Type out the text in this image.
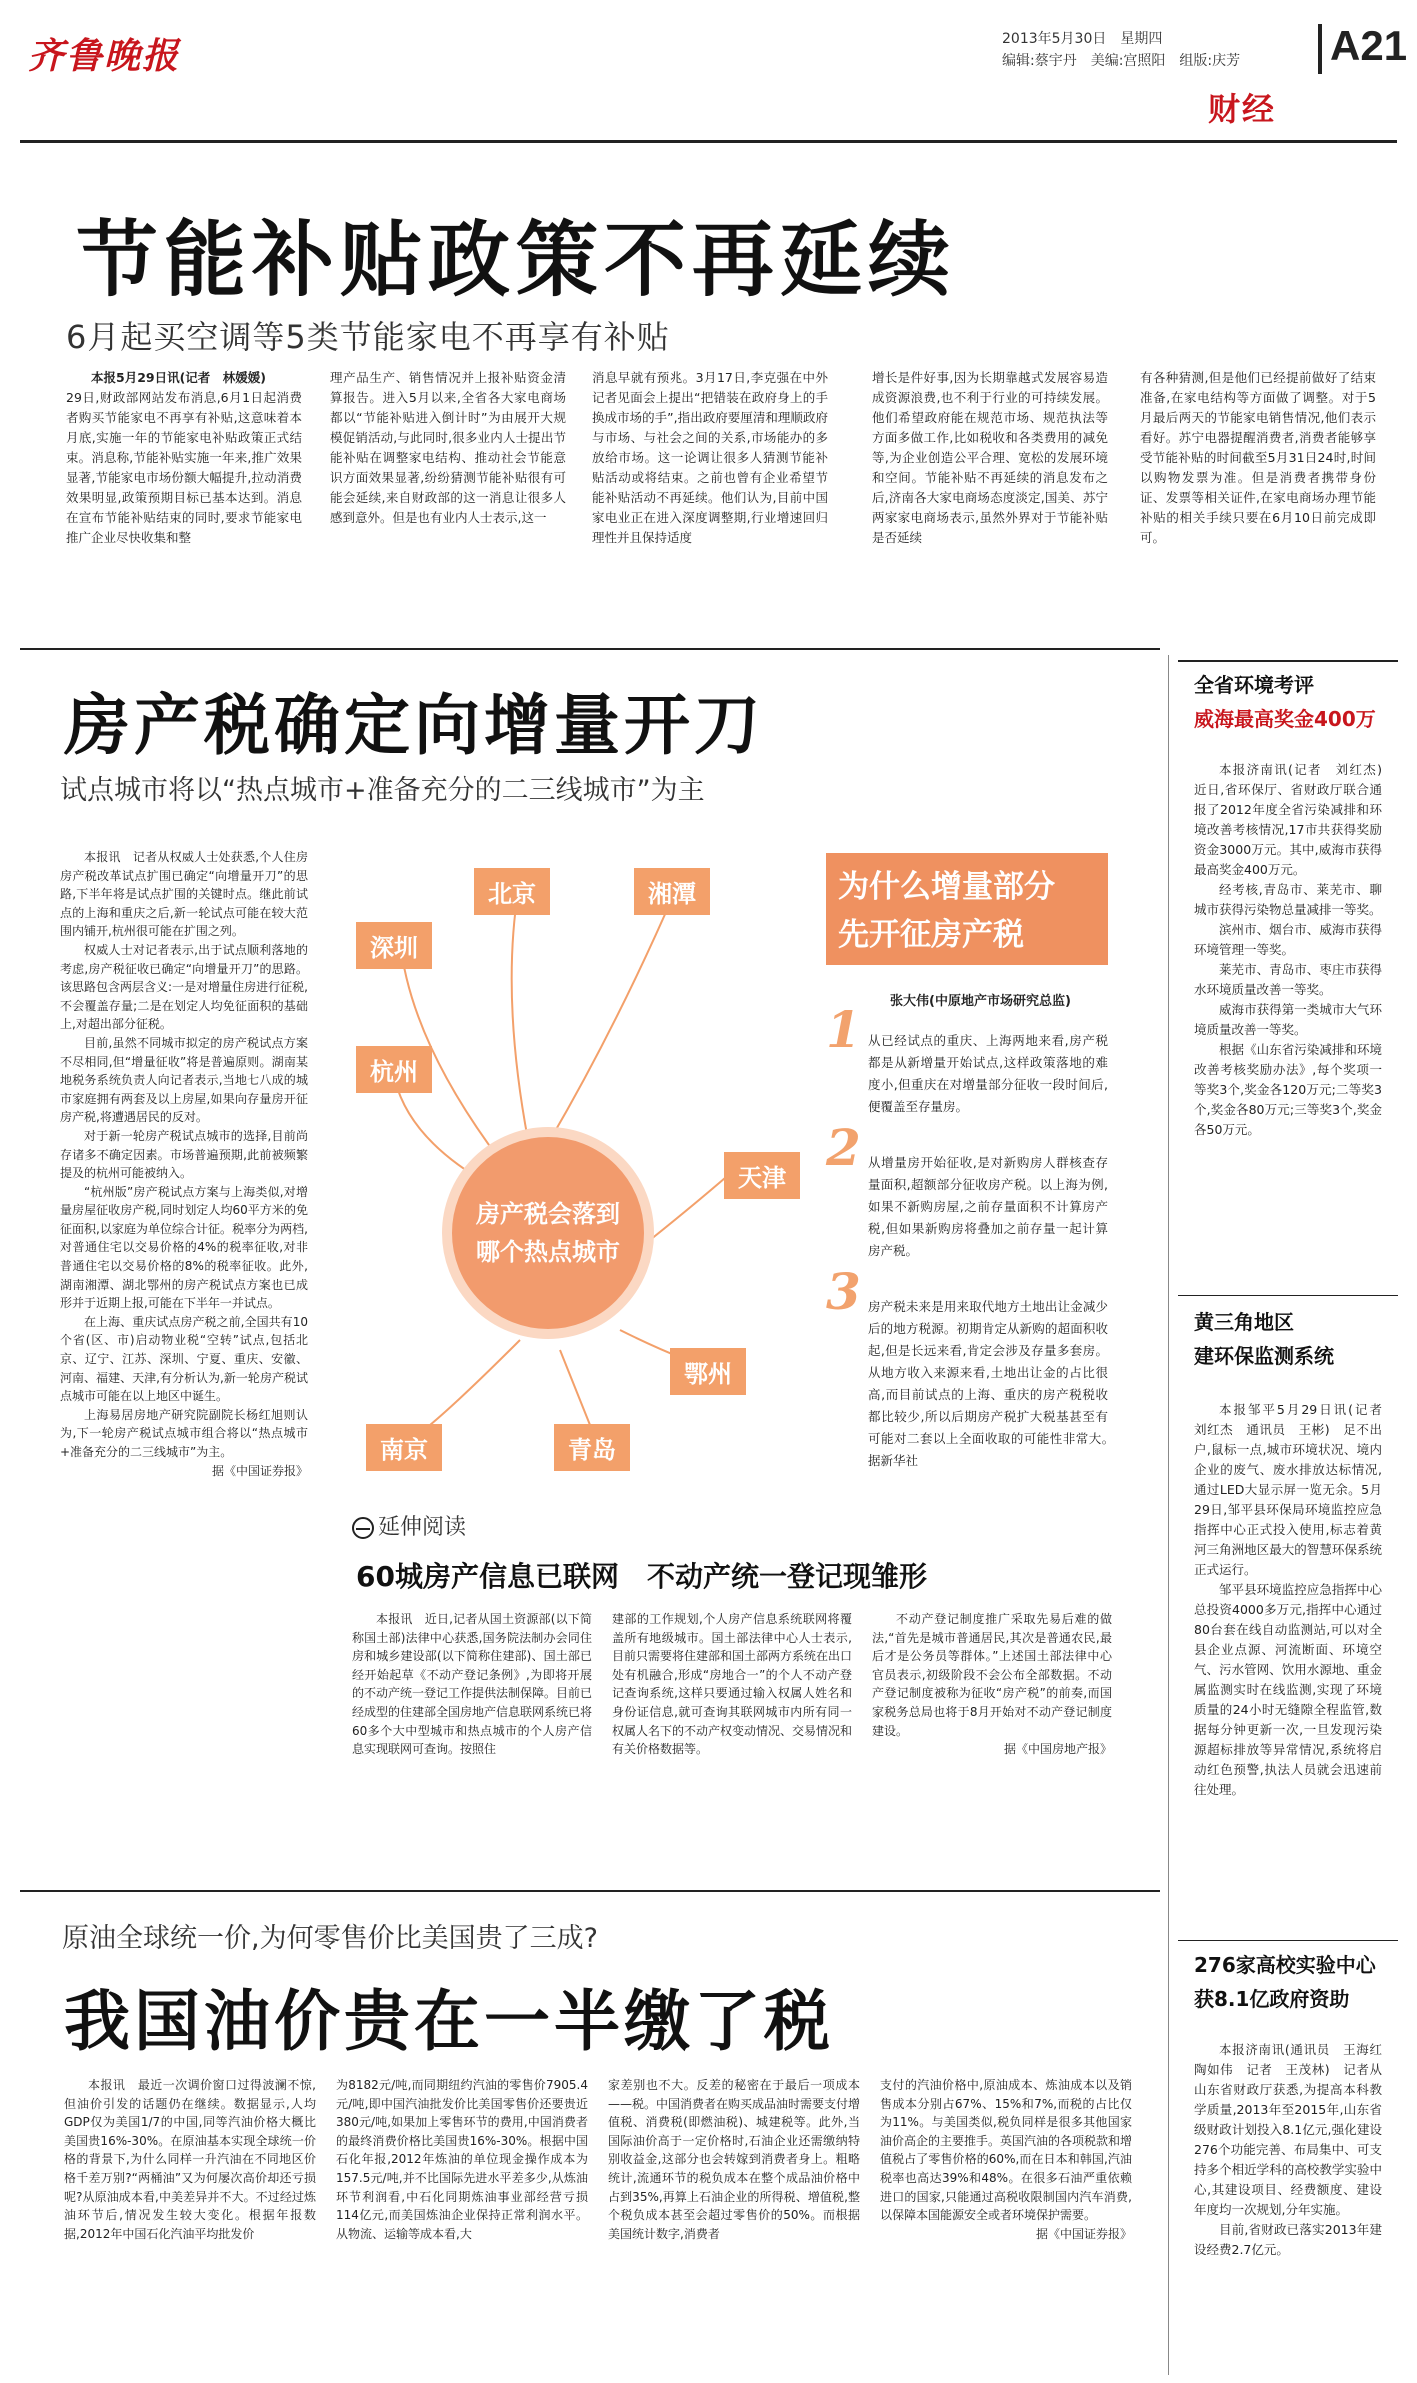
齐鲁晚报	2013年5月30日　星期四
编辑:蔡宇丹　美编:宫照阳　组版:庆芳 A21
财经
节能补贴政策不再延续
6月起买空调等5类节能家电不再享有补贴

本报5月29日讯(记者　林媛媛)

29日,财政部网站发布消息,6月1日起消费者购买节能家电不再享有补贴,这意味着本月底,实施一年的节能家电补贴政策正式结束。消息称,节能补贴实施一年来,推广效果显著,节能家电市场份额大幅提升,拉动消费效果明显,政策预期目标已基本达到。消息在宣布节能补贴结束的同时,要求节能家电推广企业尽快收集和整

理产品生产、销售情况并上报补贴资金清算报告。进入5月以来,全省各大家电商场都以“节能补贴进入倒计时”为由展开大规模促销活动,与此同时,很多业内人士提出节能补贴在调整家电结构、推动社会节能意识方面效果显著,纷纷猜测节能补贴很有可能会延续,来自财政部的这一消息让很多人感到意外。但是也有业内人士表示,这一

消息早就有预兆。3月17日,李克强在中外记者见面会上提出“把错装在政府身上的手换成市场的手”,指出政府要厘清和理顺政府与市场、与社会之间的关系,市场能办的多放给市场。这一论调让很多人猜测节能补贴活动或将结束。之前也曾有企业希望节能补贴活动不再延续。他们认为,目前中国家电业正在进入深度调整期,行业增速回归理性并且保持适度

增长是件好事,因为长期靠越式发展容易造成资源浪费,也不利于行业的可持续发展。他们希望政府能在规范市场、规范执法等方面多做工作,比如税收和各类费用的减免等,为企业创造公平合理、宽松的发展环境和空间。节能补贴不再延续的消息发布之后,济南各大家电商场态度淡定,国美、苏宁两家家电商场表示,虽然外界对于节能补贴是否延续

有各种猜测,但是他们已经提前做好了结束准备,在家电结构等方面做了调整。对于5月最后两天的节能家电销售情况,他们表示看好。苏宁电器提醒消费者,消费者能够享受节能补贴的时间截至5月31日24时,时间以购物发票为准。但是消费者携带身份证、发票等相关证件,在家电商场办理节能补贴的相关手续只要在6月10日前完成即可。

全省环境考评
威海最高奖金400万

本报济南讯(记者　刘红杰)　近日,省环保厅、省财政厅联合通报了2012年度全省污染减排和环境改善考核情况,17市共获得奖励资金3000万元。其中,威海市获得最高奖金400万元。

经考核,青岛市、莱芜市、聊城市获得污染物总量减排一等奖。

滨州市、烟台市、威海市获得环境管理一等奖。

莱芜市、青岛市、枣庄市获得水环境质量改善一等奖。

威海市获得第一类城市大气环境质量改善一等奖。

根据《山东省污染减排和环境改善考核奖励办法》,每个奖项一等奖3个,奖金各120万元;二等奖3个,奖金各80万元;三等奖3个,奖金各50万元。

黄三角地区
建环保监测系统

本报邹平5月29日讯(记者　刘红杰　通讯员　王彬)　足不出户,鼠标一点,城市环境状况、境内企业的废气、废水排放达标情况,通过LED大显示屏一览无余。5月29日,邹平县环保局环境监控应急指挥中心正式投入使用,标志着黄河三角洲地区最大的智慧环保系统正式运行。

邹平县环境监控应急指挥中心总投资4000多万元,指挥中心通过80台套在线自动监测站,可以对全县企业点源、河流断面、环境空气、污水管网、饮用水源地、重金属监测实时在线监测,实现了环境质量的24小时无缝隙全程监管,数据每分钟更新一次,一旦发现污染源超标排放等异常情况,系统将启动红色预警,执法人员就会迅速前往处理。

276家高校实验中心
获8.1亿政府资助

本报济南讯(通讯员　王海红　陶如伟　记者　王茂林)　记者从山东省财政厅获悉,为提高本科教学质量,2013年至2015年,山东省级财政计划投入8.1亿元,强化建设276个功能完善、布局集中、可支持多个相近学科的高校教学实验中心,其建设项目、经费额度、建设年度均一次规划,分年实施。

目前,省财政已落实2013年建设经费2.7亿元。

房产税确定向增量开刀
试点城市将以“热点城市+准备充分的二三线城市”为主

本报讯　记者从权威人士处获悉,个人住房房产税改革试点扩围已确定“向增量开刀”的思路,下半年将是试点扩围的关键时点。继此前试点的上海和重庆之后,新一轮试点可能在较大范围内铺开,杭州很可能在扩围之列。

权威人士对记者表示,出于试点顺利落地的考虑,房产税征收已确定“向增量开刀”的思路。该思路包含两层含义:一是对增量住房进行征税,不会覆盖存量;二是在划定人均免征面积的基础上,对超出部分征税。

目前,虽然不同城市拟定的房产税试点方案不尽相同,但“增量征收”将是普遍原则。湖南某地税务系统负责人向记者表示,当地七八成的城市家庭拥有两套及以上房屋,如果向存量房开征房产税,将遭遇居民的反对。

对于新一轮房产税试点城市的选择,目前尚存诸多不确定因素。市场普遍预期,此前被频繁提及的杭州可能被纳入。

“杭州版”房产税试点方案与上海类似,对增量房屋征收房产税,同时划定人均60平方米的免征面积,以家庭为单位综合计征。税率分为两档,对普通住宅以交易价格的4%的税率征收,对非普通住宅以交易价格的8%的税率征收。此外,湖南湘潭、湖北鄂州的房产税试点方案也已成形并于近期上报,可能在下半年一并试点。

在上海、重庆试点房产税之前,全国共有10个省(区、市)启动物业税“空转”试点,包括北京、辽宁、江苏、深圳、宁夏、重庆、安徽、河南、福建、天津,有分析认为,新一轮房产税试点城市可能在以上地区中诞生。

上海易居房地产研究院副院长杨红旭则认为,下一轮房产税试点城市组合将以“热点城市+准备充分的二三线城市”为主。

据《中国证券报》

北京	湘潭
深圳
杭州
天津
鄂州
南京	青岛
房产税会落到
哪个热点城市
为什么增量部分
先开征房产税
张大伟(中原地产市场研究总监)
1 从已经试点的重庆、上海两地来看,房产税都是从新增量开始试点,这样政策落地的难度小,但重庆在对增量部分征收一段时间后,便覆盖至存量房。
2 从增量房开始征收,是对新购房人群核查存量面积,超额部分征收房产税。以上海为例,如果不新购房屋,之前存量面积不计算房产税,但如果新购房将叠加之前存量一起计算房产税。
3 房产税未来是用来取代地方土地出让金减少后的地方税源。初期肯定从新购的超面积收起,但是长远来看,肯定会涉及存量多套房。从地方收入来源来看,土地出让金的占比很高,而目前试点的上海、重庆的房产税税收都比较少,所以后期房产税扩大税基甚至有可能对二套以上全面收取的可能性非常大。　据新华社
延伸阅读
60城房产信息已联网　不动产统一登记现雏形

本报讯　近日,记者从国土资源部(以下简称国土部)法律中心获悉,国务院法制办会同住房和城乡建设部(以下简称住建部)、国土部已经开始起草《不动产登记条例》,为即将开展的不动产统一登记工作提供法制保障。目前已经成型的住建部全国房地产信息联网系统已将60多个大中型城市和热点城市的个人房产信息实现联网可查询。按照住

建部的工作规划,个人房产信息系统联网将覆盖所有地级城市。国土部法律中心人士表示,目前只需要将住建部和国土部两方系统在出口处有机融合,形成“房地合一”的个人不动产登记查询系统,这样只要通过输入权属人姓名和身份证信息,就可查询其联网城市内所有同一权属人名下的不动产权变动情况、交易情况和有关价格数据等。

不动产登记制度推广采取先易后难的做法,“首先是城市普通居民,其次是普通农民,最后才是公务员等群体。”上述国土部法律中心官员表示,初级阶段不会公布全部数据。不动产登记制度被称为征收“房产税”的前奏,而国家税务总局也将于8月开始对不动产登记制度建设。

据《中国房地产报》

原油全球统一价,为何零售价比美国贵了三成?
我国油价贵在一半缴了税

本报讯　最近一次调价窗口过得波澜不惊,但油价引发的话题仍在继续。数据显示,人均GDP仅为美国1/7的中国,同等汽油价格大概比美国贵16%-30%。在原油基本实现全球统一价格的背景下,为什么同样一升汽油在不同地区价格千差万别?“两桶油”又为何屡次高价却还亏损呢?从原油成本看,中美差异并不大。不过经过炼油环节后,情况发生较大变化。根据年报数据,2012年中国石化汽油平均批发价

为8182元/吨,而同期纽约汽油的零售价7905.4元/吨,即中国汽油批发价比美国零售价还要贵近380元/吨,如果加上零售环节的费用,中国消费者的最终消费价格比美国贵16%-30%。根据中国石化年报,2012年炼油的单位现金操作成本为157.5元/吨,并不比国际先进水平差多少,从炼油环节利润看,中石化同期炼油事业部经营亏损114亿元,而美国炼油企业保持正常利润水平。从物流、运输等成本看,大

家差别也不大。反差的秘密在于最后一项成本——税。中国消费者在购买成品油时需要支付增值税、消费税(即燃油税)、城建税等。此外,当国际油价高于一定价格时,石油企业还需缴纳特别收益金,这部分也会转嫁到消费者身上。粗略统计,流通环节的税负成本在整个成品油价格中占到35%,再算上石油企业的所得税、增值税,整个税负成本甚至会超过零售价的50%。而根据美国统计数字,消费者

支付的汽油价格中,原油成本、炼油成本以及销售成本分别占67%、15%和7%,而税的占比仅为11%。与美国类似,税负同样是很多其他国家油价高企的主要推手。英国汽油的各项税款和增值税占了零售价格的60%,而在日本和韩国,汽油税率也高达39%和48%。在很多石油严重依赖进口的国家,只能通过高税收限制国内汽车消费,以保障本国能源安全或者环境保护需要。

据《中国证券报》
